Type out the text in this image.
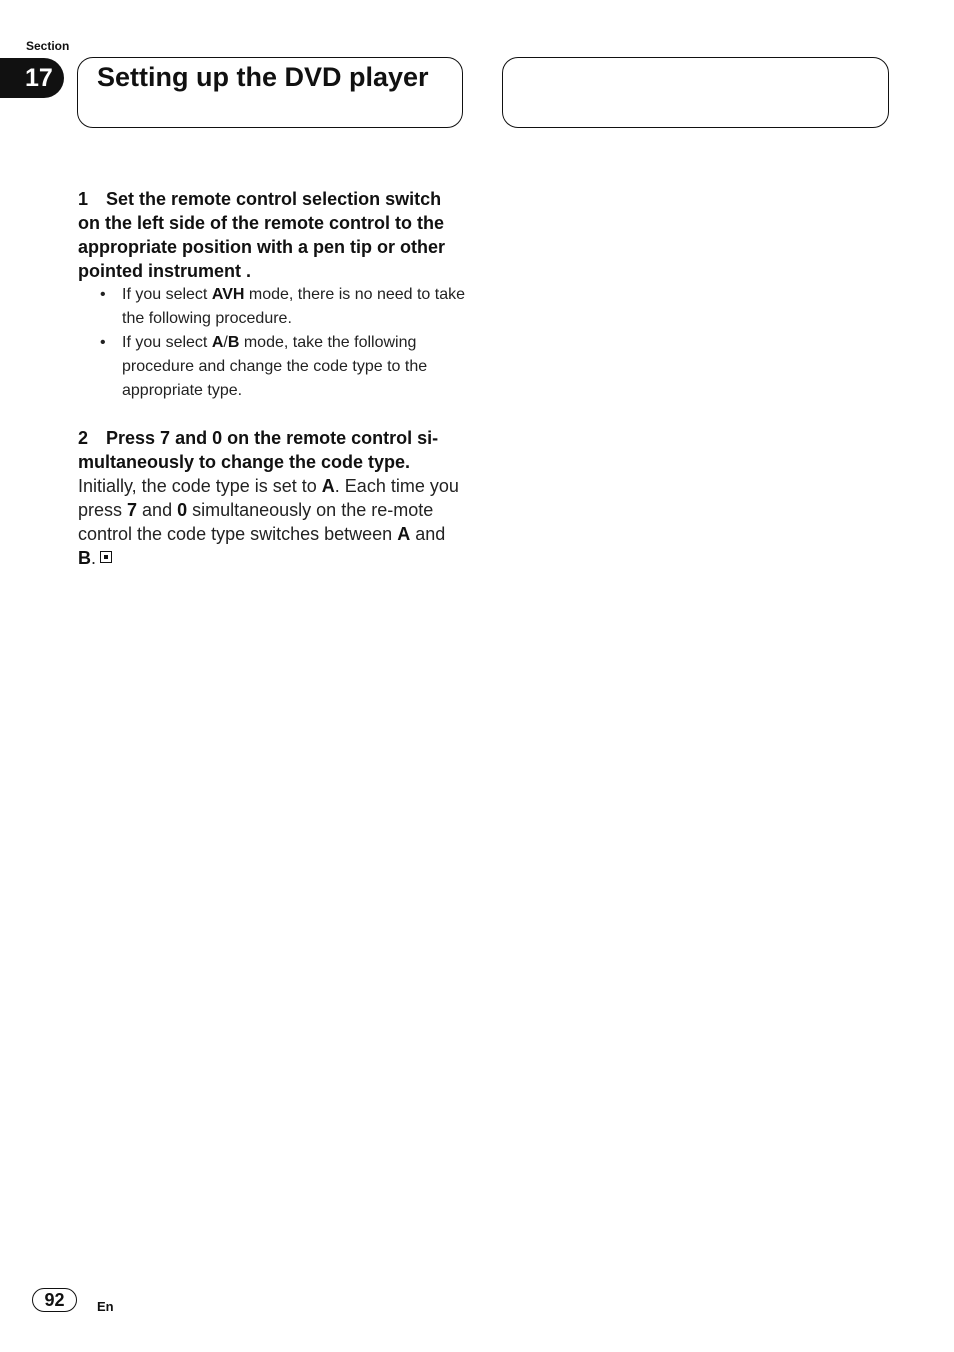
Section
17	Setting up the DVD player

1 Set the remote control selection switch on the left side of the remote control to the appropriate position with a pen tip or other pointed instrument .

• If you select AVH mode, there is no need to take the following procedure.
• If you select A/B mode, take the following procedure and change the code type to the appropriate type.

2 Press 7 and 0 on the remote control si-multaneously to change the code type.

Initially, the code type is set to A. Each time you press 7 and 0 simultaneously on the re-mote control the code type switches between A and B.

92	En
